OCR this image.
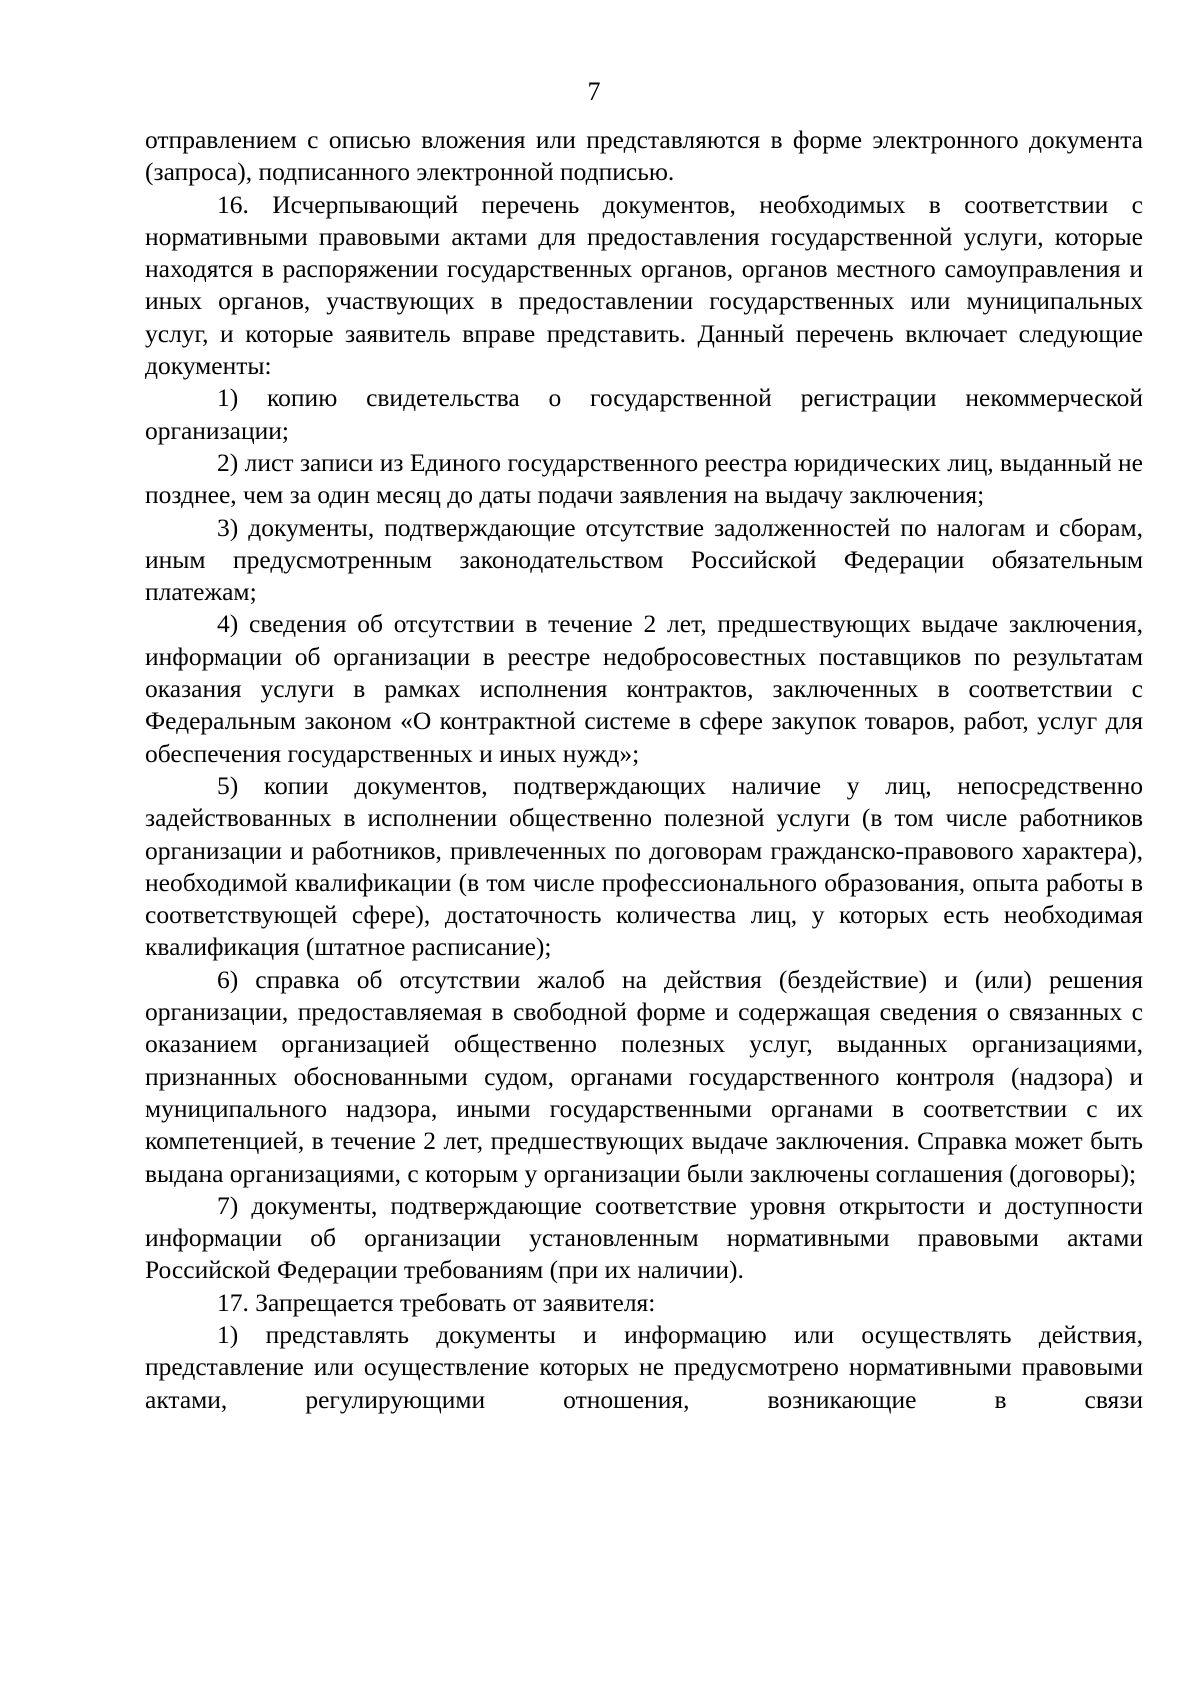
7

отправлением с описью вложения или представляются в форме электронного документа (запроса), подписанного электронной подписью.

16. Исчерпывающий перечень документов, необходимых в соответствии с нормативными правовыми актами для предоставления государственной услуги, которые находятся в распоряжении государственных органов, органов местного самоуправления и иных органов, участвующих в предоставлении государственных или муниципальных услуг, и которые заявитель вправе представить. Данный перечень включает следующие документы:

1) копию свидетельства о государственной регистрации некоммерческой организации;

2) лист записи из Единого государственного реестра юридических лиц, выданный не позднее, чем за один месяц до даты подачи заявления на выдачу заключения;

3) документы, подтверждающие отсутствие задолженностей по налогам и сборам, иным предусмотренным законодательством Российской Федерации обязательным платежам;

4) сведения об отсутствии в течение 2 лет, предшествующих выдаче заключения, информации об организации в реестре недобросовестных поставщиков по результатам оказания услуги в рамках исполнения контрактов, заключенных в соответствии с Федеральным законом «О контрактной системе в сфере закупок товаров, работ, услуг для обеспечения государственных и иных нужд»;

5) копии документов, подтверждающих наличие у лиц, непосредственно задействованных в исполнении общественно полезной услуги (в том числе работников организации и работников, привлеченных по договорам гражданско-правового характера), необходимой квалификации (в том числе профессионального образования, опыта работы в соответствующей сфере), достаточность количества лиц, у которых есть необходимая квалификация (штатное расписание);

6) справка об отсутствии жалоб на действия (бездействие) и (или) решения организации, предоставляемая в свободной форме и содержащая сведения о связанных с оказанием организацией общественно полезных услуг, выданных организациями, признанных обоснованными судом, органами государственного контроля (надзора) и муниципального надзора, иными государственными органами в соответствии с их компетенцией, в течение 2 лет, предшествующих выдаче заключения. Справка может быть выдана организациями, с которым у организации были заключены соглашения (договоры);

7) документы, подтверждающие соответствие уровня открытости и доступности информации об организации установленным нормативными правовыми актами Российской Федерации требованиям (при их наличии).

17. Запрещается требовать от заявителя:

1) представлять документы и информацию или осуществлять действия, представление или осуществление которых не предусмотрено нормативными правовыми актами, регулирующими отношения, возникающие в связи
